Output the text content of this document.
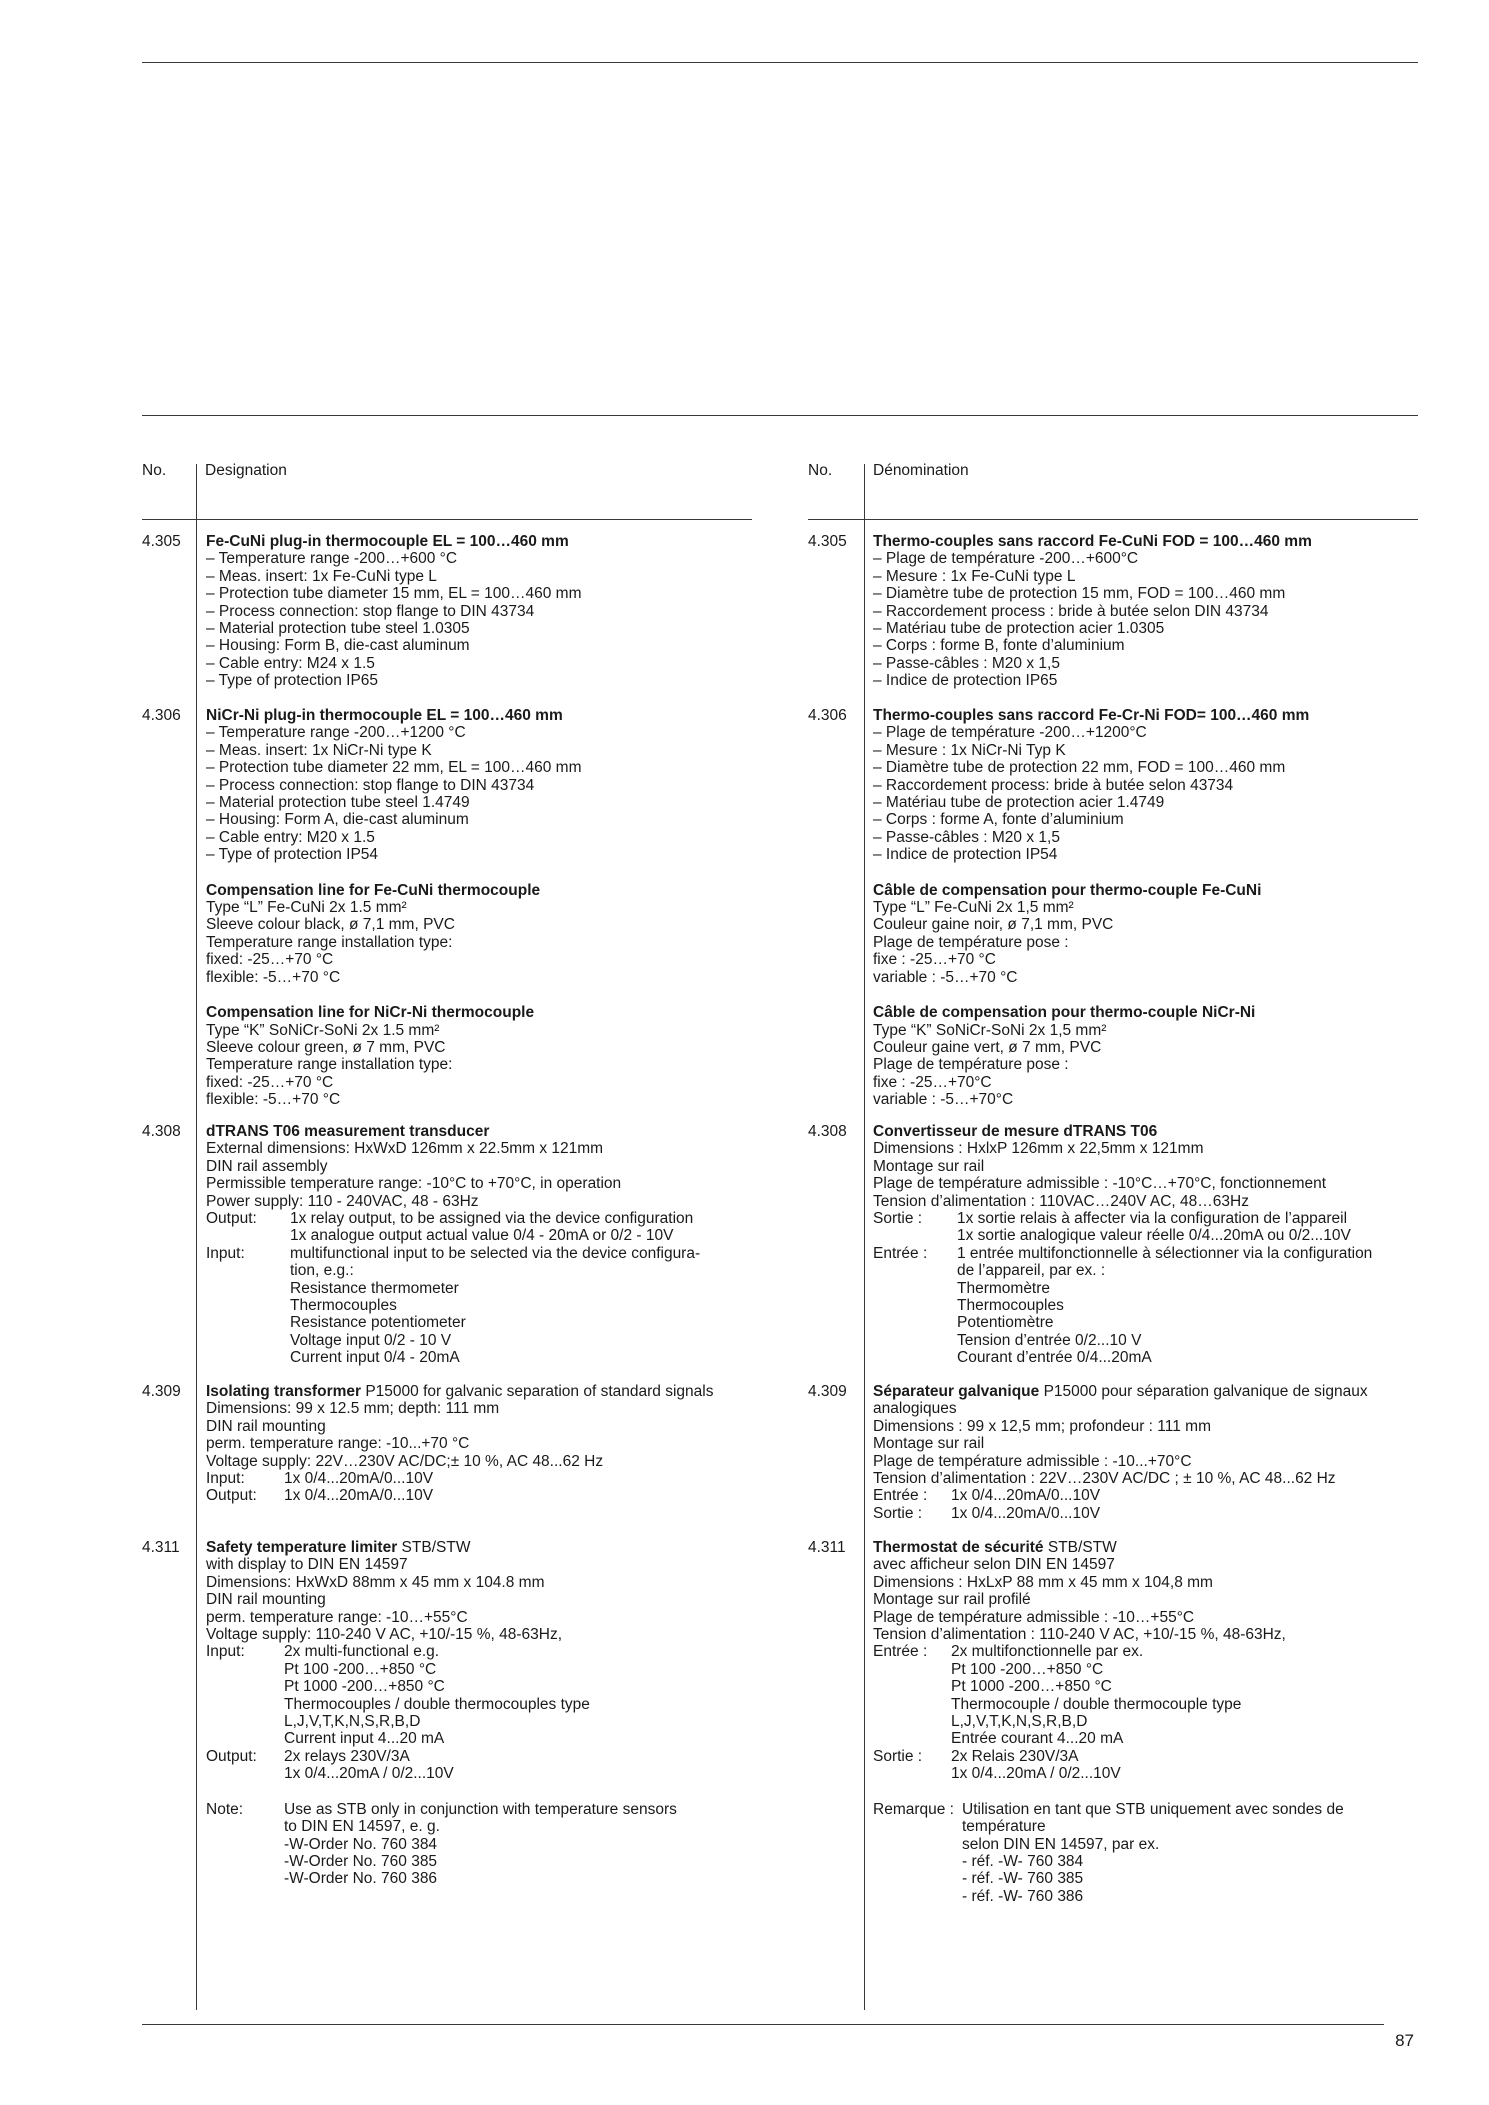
No.	Designation	No.	Dénomination
4.305	Fe-CuNi plug-in thermocouple EL = 100…460 mm
– Temperature range -200…+600 °C
– Meas. insert: 1x Fe-CuNi type L
– Protection tube diameter 15 mm, EL = 100…460 mm
– Process connection: stop flange to DIN 43734
– Material protection tube steel 1.0305
– Housing: Form B, die-cast aluminum
– Cable entry: M24 x 1.5
– Type of protection IP65
4.306	NiCr-Ni plug-in thermocouple EL = 100…460 mm
– Temperature range -200…+1200 °C
– Meas. insert: 1x NiCr-Ni type K
– Protection tube diameter 22 mm, EL = 100…460 mm
– Process connection: stop flange to DIN 43734
– Material protection tube steel 1.4749
– Housing: Form A, die-cast aluminum
– Cable entry: M20 x 1.5
– Type of protection IP54
Compensation line for Fe-CuNi thermocouple
Type “L” Fe-CuNi 2x 1.5 mm²
Sleeve colour black, ø 7,1 mm, PVC
Temperature range installation type:
fixed: -25…+70 °C
flexible: -5…+70 °C
Compensation line for NiCr-Ni thermocouple
Type “K” SoNiCr-SoNi 2x 1.5 mm²
Sleeve colour green, ø 7 mm, PVC
Temperature range installation type:
fixed: -25…+70 °C
flexible: -5…+70 °C
4.308	dTRANS T06 measurement transducer
External dimensions: HxWxD 126mm x 22.5mm x 121mm
DIN rail assembly
Permissible temperature range: -10°C to +70°C, in operation
Power supply: 110 - 240VAC, 48 - 63Hz
Output:	1x relay output, to be assigned via the device configuration
1x analogue output actual value 0/4 - 20mA or 0/2 - 10V
Input:	multifunctional input to be selected via the device configura-
tion, e.g.:
Resistance thermometer
Thermocouples
Resistance potentiometer
Voltage input 0/2 - 10 V
Current input 0/4 - 20mA
4.309	Isolating transformer P15000 for galvanic separation of standard signals
Dimensions: 99 x 12.5 mm; depth: 111 mm
DIN rail mounting
perm. temperature range: -10...+70 °C
Voltage supply: 22V…230V AC/DC;± 10 %, AC 48...62 Hz
Input:	1x 0/4...20mA/0...10V
Output:	1x 0/4...20mA/0...10V
4.311	Safety temperature limiter STB/STW
with display to DIN EN 14597
Dimensions: HxWxD 88mm x 45 mm x 104.8 mm
DIN rail mounting
perm. temperature range: -10…+55°C
Voltage supply: 110-240 V AC, +10/-15 %, 48-63Hz,
Input:	2x multi-functional e.g.
Pt 100 -200…+850 °C
Pt 1000 -200…+850 °C
Thermocouples / double thermocouples type
L,J,V,T,K,N,S,R,B,D
Current input 4...20 mA
Output:	2x relays 230V/3A
1x 0/4...20mA / 0/2...10V
Note:	Use as STB only in conjunction with temperature sensors
to DIN EN 14597, e. g.
-W-Order No. 760 384
-W-Order No. 760 385
-W-Order No. 760 386
4.305	Thermo-couples sans raccord Fe-CuNi FOD = 100…460 mm
– Plage de température -200…+600°C
– Mesure : 1x Fe-CuNi type L
– Diamètre tube de protection 15 mm, FOD = 100…460 mm
– Raccordement process : bride à butée selon DIN 43734
– Matériau tube de protection acier 1.0305
– Corps : forme B, fonte d’aluminium
– Passe-câbles : M20 x 1,5
– Indice de protection IP65
4.306	Thermo-couples sans raccord Fe-Cr-Ni FOD= 100…460 mm
– Plage de température -200…+1200°C
– Mesure : 1x NiCr-Ni Typ K
– Diamètre tube de protection 22 mm, FOD = 100…460 mm
– Raccordement process: bride à butée selon 43734
– Matériau tube de protection acier 1.4749
– Corps : forme A, fonte d’aluminium
– Passe-câbles : M20 x 1,5
– Indice de protection IP54
Câble de compensation pour thermo-couple Fe-CuNi
Type “L” Fe-CuNi 2x 1,5 mm²
Couleur gaine noir, ø 7,1 mm, PVC
Plage de température pose :
fixe : -25…+70 °C
variable : -5…+70 °C
Câble de compensation pour thermo-couple NiCr-Ni
Type “K” SoNiCr-SoNi 2x 1,5 mm²
Couleur gaine vert, ø 7 mm, PVC
Plage de température pose :
fixe : -25…+70°C
variable : -5…+70°C
4.308	Convertisseur de mesure dTRANS T06
Dimensions : HxlxP 126mm x 22,5mm x 121mm
Montage sur rail
Plage de température admissible : -10°C…+70°C, fonctionnement
Tension d’alimentation : 110VAC…240V AC, 48…63Hz
Sortie :	1x sortie relais à affecter via la configuration de l’appareil
1x sortie analogique valeur réelle 0/4...20mA ou 0/2...10V
Entrée :	1 entrée multifonctionnelle à sélectionner via la configuration
de l’appareil, par ex. :
Thermomètre
Thermocouples
Potentiomètre
Tension d’entrée 0/2...10 V
Courant d’entrée 0/4...20mA
4.309	Séparateur galvanique P15000 pour séparation galvanique de signaux
analogiques
Dimensions : 99 x 12,5 mm; profondeur : 111 mm
Montage sur rail
Plage de température admissible : -10...+70°C
Tension d’alimentation : 22V…230V AC/DC ; ± 10 %, AC 48...62 Hz
Entrée :	1x 0/4...20mA/0...10V
Sortie :	1x 0/4...20mA/0...10V
4.311	Thermostat de sécurité STB/STW
avec afficheur selon DIN EN 14597
Dimensions : HxLxP 88 mm x 45 mm x 104,8 mm
Montage sur rail profilé
Plage de température admissible : -10…+55°C
Tension d’alimentation : 110-240 V AC, +10/-15 %, 48-63Hz,
Entrée :	2x multifonctionnelle par ex.
Pt 100 -200…+850 °C
Pt 1000 -200…+850 °C
Thermocouple / double thermocouple type
L,J,V,T,K,N,S,R,B,D
Entrée courant 4...20 mA
Sortie :	2x Relais 230V/3A
1x 0/4...20mA / 0/2...10V
Remarque : Utilisation en tant que STB uniquement avec sondes de
température
selon DIN EN 14597, par ex.
- réf. -W- 760 384
- réf. -W- 760 385
- réf. -W- 760 386
87
